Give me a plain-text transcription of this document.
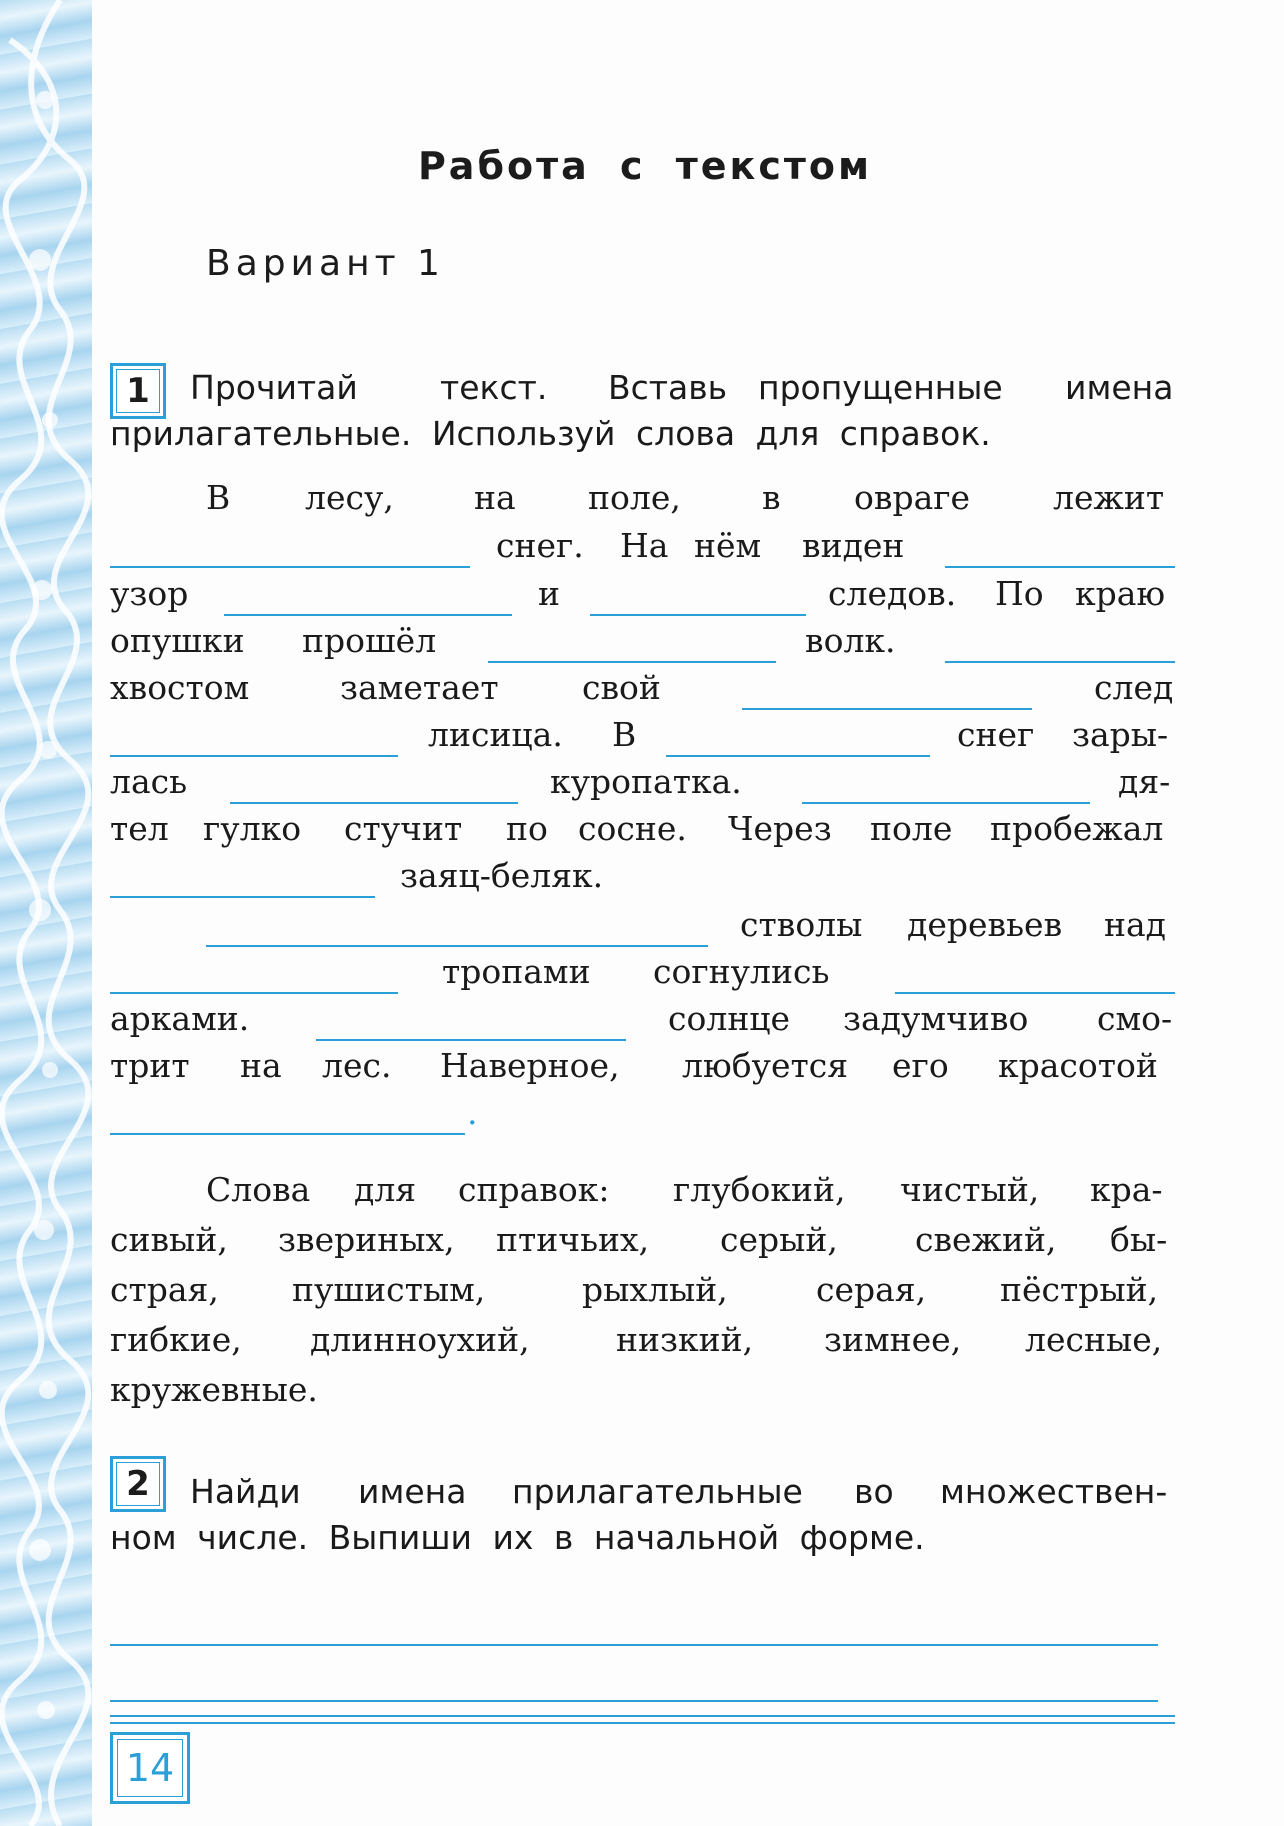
Работа с текстом
Вариант 1
1 Прочитай текст. Вставь пропущенные имена
прилагательные. Используй слова для справок.
В лесу, на поле, в овраге	лежит
снег. На нём виден
узор	и	следов. По краю
опушки прошёл	волк.
хвостом	заметает	свой	след
лисица. В	снег зары-
лась	куропатка.	дя-
тел гулко стучит по сосне. Через поле пробежал
заяц-беляк.
стволы деревьев над
тропами согнулись
арками.	солнце задумчиво смо-
трит на лес. Наверное, любуется его красотой
.
Слова для справок: глубокий, чистый, кра-
сивый, звериных, птичьих, серый, свежий, бы-
страя, пушистым,	рыхлый,	серая, пёстрый,
гибкие, длинноухий,	низкий, зимнее, лесные,
кружевные.
2 Найди имена прилагательные во множествен-
ном числе. Выпиши их в начальной форме.
14
